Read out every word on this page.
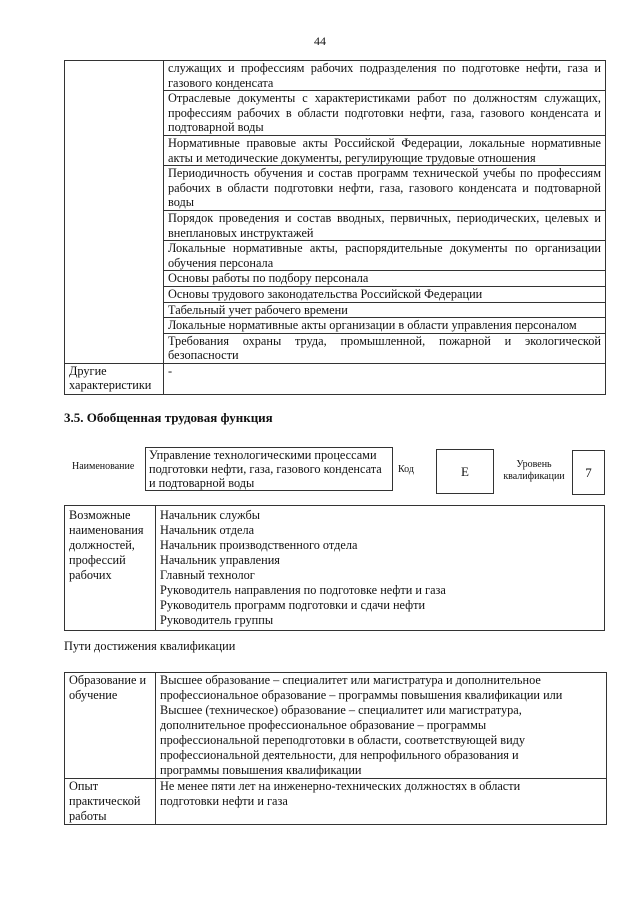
44
	служащих и профессиям рабочих подразделения по подготовке нефти, газа и газового конденсата
	Отраслевые документы с характеристиками работ по должностям служащих, профессиям рабочих в области подготовки нефти, газа, газового конденсата и подтоварной воды
	Нормативные правовые акты Российской Федерации, локальные нормативные акты и методические документы, регулирующие трудовые отношения
	Периодичность обучения и состав программ технической учебы по профессиям рабочих в области подготовки нефти, газа, газового конденсата и подтоварной воды
	Порядок проведения и состав вводных, первичных, периодических, целевых и внеплановых инструктажей
	Локальные нормативные акты, распорядительные документы по организации обучения персонала
	Основы работы по подбору персонала
	Основы трудового законодательства Российской Федерации
	Табельный учет рабочего времени
	Локальные нормативные акты организации в области управления персоналом
	Требования охраны труда, промышленной, пожарной и экологической безопасности
Другие характеристики	-
3.5. Обобщенная трудовая функция
Наименование
Управление технологическими процессами подготовки нефти, газа, газового конденсата и подтоварной воды
Код	E	Уровень квалификации	7
Возможные наименования должностей, профессий рабочих	
Начальник службы
Начальник отдела
Начальник производственного отдела
Начальник управления
Главный технолог
Руководитель направления по подготовке нефти и газа
Руководитель программ подготовки и сдачи нефти
Руководитель группы
Пути достижения квалификации
Образование и обучение	Высшее образование – специалитет или магистратура и дополнительное профессиональное образование – программы повышения квалификации или
Высшее (техническое) образование – специалитет или магистратура, дополнительное профессиональное образование – программы профессиональной переподготовки в области, соответствующей виду профессиональной деятельности, для непрофильного образования и программы повышения квалификации

Опыт практической работы	Не менее пяти лет на инженерно-технических должностях в области подготовки нефти и газа
